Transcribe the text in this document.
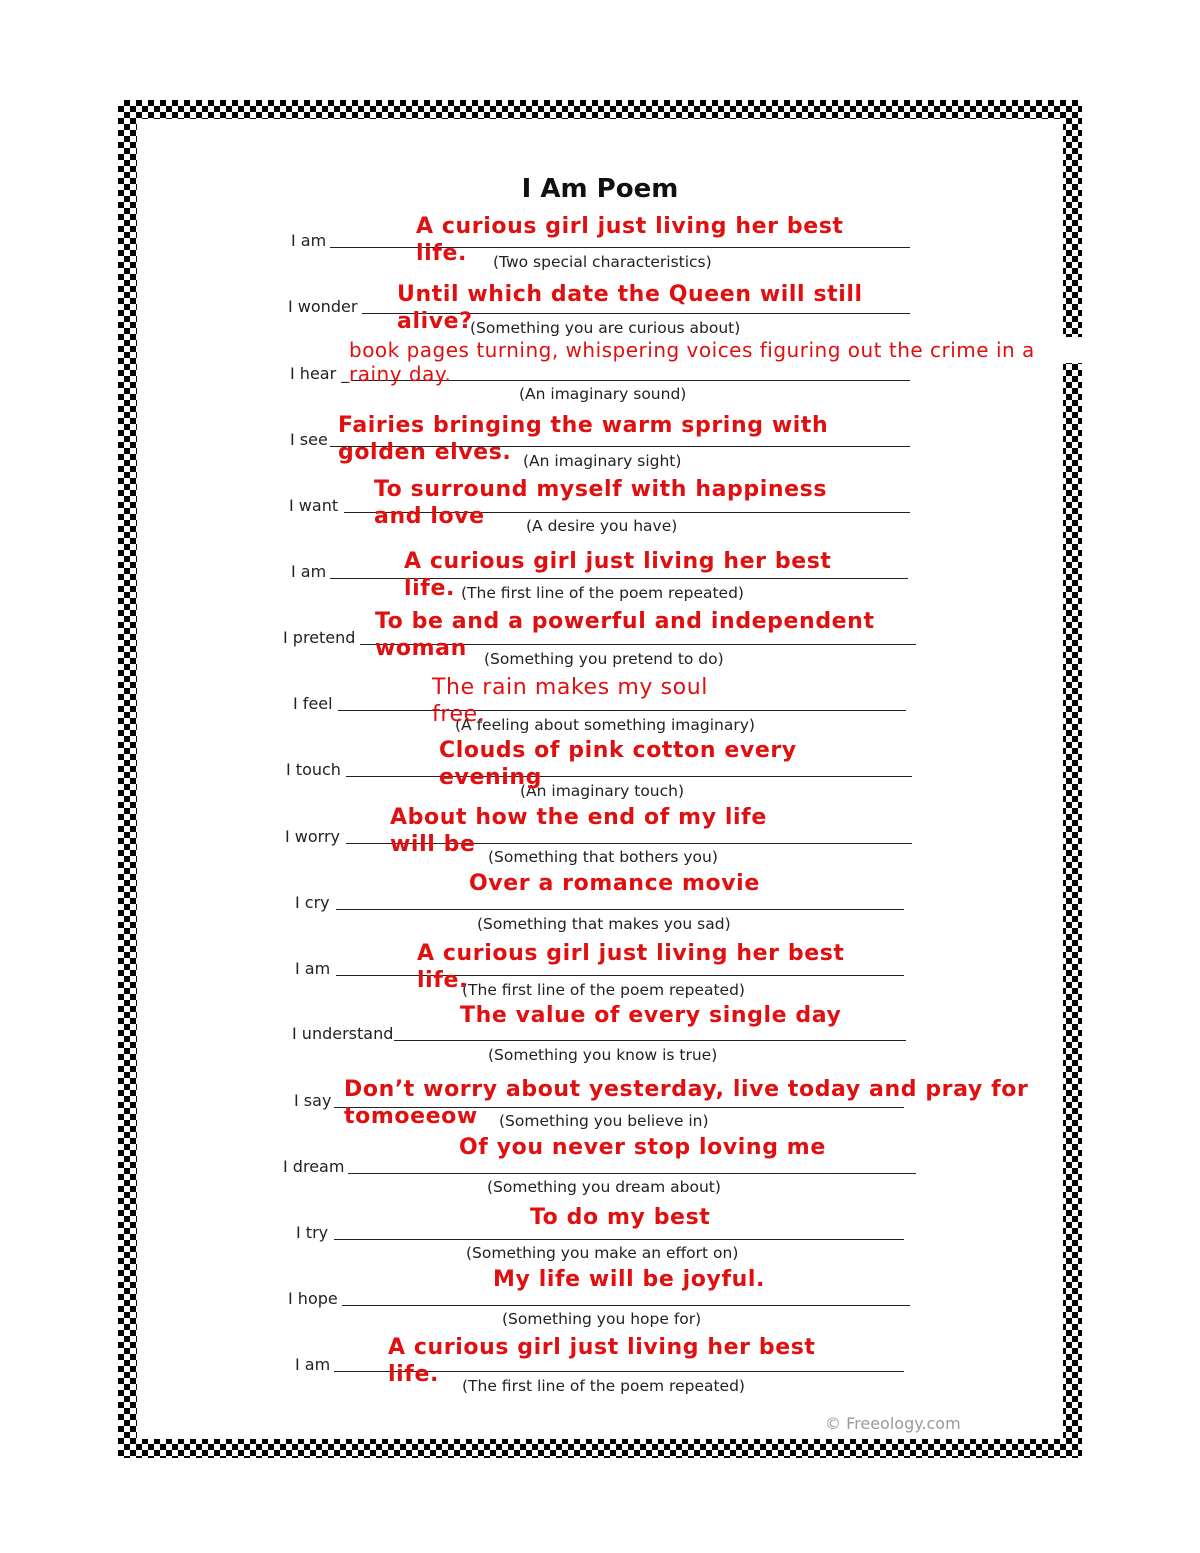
I Am Poem
I am
(Two special characteristics)
A curious girl just living her best life.
I wonder
(Something you are curious about)
Until which date the Queen will still alive?
I hear _
(An imaginary sound)
book pages turning, whispering voices figuring out the crime in a rainy day.
I see
(An imaginary sight)
Fairies bringing the warm spring with golden elves.
I want
(A desire you have)
To surround myself with happiness and love
I am
(The first line of the poem repeated)
A curious girl just living her best life.
I pretend
(Something you pretend to do)
To be and a powerful and independent woman
I feel
(A feeling about something imaginary)
The rain makes my soul free.
I touch
(An imaginary touch)
Clouds of pink cotton every evening
I worry
(Something that bothers you)
About how the end of my life will be
I cry
(Something that makes you sad)
Over a romance movie
I am
(The first line of the poem repeated)
A curious girl just living her best life.
I understand
(Something you know is true)
The value of every single day
I say
(Something you believe in)
Don’t worry about yesterday, live today and pray for tomoeeow
I dream
(Something you dream about)
Of you never stop loving me
I try
(Something you make an effort on)
To do my best
I hope
(Something you hope for)
My life will be joyful.
I am
(The first line of the poem repeated)
A curious girl just living her best life.
© Freeology.com
